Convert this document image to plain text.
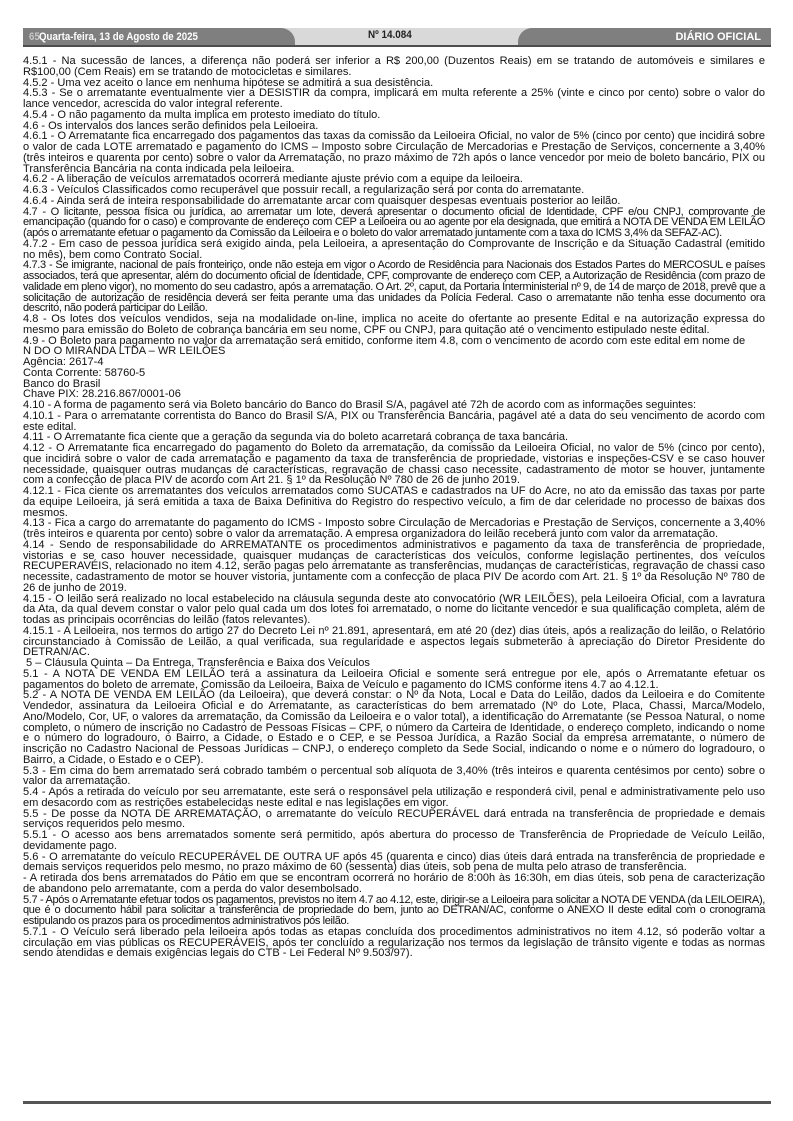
65 Quarta-feira, 13 de Agosto de 2025	Nº 14.084	DIÁRIO OFICIAL

4.5.1 - Na sucessão de lances, a diferença não poderá ser inferior a R$ 200,00 (Duzentos Reais) em se tratando de automóveis e similares e R$100,00 (Cem Reais) em se tratando de motocicletas e similares.

4.5.2 - Uma vez aceito o lance em nenhuma hipótese se admitirá a sua desistência.

4.5.3 - Se o arrematante eventualmente vier a DESISTIR da compra, implicará em multa referente a 25% (vinte e cinco por cento) sobre o valor do lance vencedor, acrescida do valor integral referente.

4.5.4 - O não pagamento da multa implica em protesto imediato do título.

4.6 - Os intervalos dos lances serão definidos pela Leiloeira.

4.6.1 - O Arrematante fica encarregado dos pagamentos das taxas da comissão da Leiloeira Oficial, no valor de 5% (cinco por cento) que incidirá sobre o valor de cada LOTE arrematado e pagamento do ICMS – Imposto sobre Circulação de Mercadorias e Prestação de Serviços, concernente a 3,40% (três inteiros e quarenta por cento) sobre o valor da Arrematação, no prazo máximo de 72h após o lance vencedor por meio de boleto bancário, PIX ou Transferência Bancária na conta indicada pela leiloeira.

4.6.2 - A liberação de veículos arrematados ocorrerá mediante ajuste prévio com a equipe da leiloeira.

4.6.3 - Veículos Classificados como recuperável que possuir recall, a regularização será por conta do arrematante.

4.6.4 - Ainda será de inteira responsabilidade do arrematante arcar com quaisquer despesas eventuais posterior ao leilão.

4.7 - O licitante, pessoa física ou jurídica, ao arrematar um lote, deverá apresentar o documento oficial de Identidade, CPF e/ou CNPJ, comprovante de emancipação (quando for o caso) e comprovante de endereço com CEP a Leiloeira ou ao agente por ela designada, que emitirá a NOTA DE VENDA EM LEILÃO (após o arrematante efetuar o pagamento da Comissão da Leiloeira e o boleto do valor arrematado juntamente com a taxa do ICMS 3,4% da SEFAZ-AC).

4.7.2 - Em caso de pessoa jurídica será exigido ainda, pela Leiloeira, a apresentação do Comprovante de Inscrição e da Situação Cadastral (emitido no mês), bem como Contrato Social.

4.7.3 - Se imigrante, nacional de país fronteiriço, onde não esteja em vigor o Acordo de Residência para Nacionais dos Estados Partes do MERCOSUL e países associados, terá que apresentar, além do documento oficial de Identidade, CPF, comprovante de endereço com CEP, a Autorização de Residência (com prazo de validade em pleno vigor), no momento do seu cadastro, após a arrematação. O Art. 2º, caput, da Portaria Interministerial nº 9, de 14 de março de 2018, prevê que a solicitação de autorização de residência deverá ser feita perante uma das unidades da Polícia Federal. Caso o arrematante não tenha esse documento ora descrito, não poderá participar do Leilão.

4.8 - Os lotes dos veículos vendidos, seja na modalidade on-line, implica no aceite do ofertante ao presente Edital e na autorização expressa do mesmo para emissão do Boleto de cobrança bancária em seu nome, CPF ou CNPJ, para quitação até o vencimento estipulado neste edital.

4.9 - O Boleto para pagamento no valor da arrematação será emitido, conforme item 4.8, com o vencimento de acordo com este edital em nome de

N DO O MIRANDA LTDA – WR LEILÕES

Agência: 2617-4

Conta Corrente: 58760-5

Banco do Brasil

Chave PIX: 28.216.867/0001-06

4.10 - A forma de pagamento será via Boleto bancário do Banco do Brasil S/A, pagável até 72h de acordo com as informações seguintes:

4.10.1 - Para o arrematante correntista do Banco do Brasil S/A, PIX ou Transferência Bancária, pagável até a data do seu vencimento de acordo com este edital.

4.11 - O Arrematante fica ciente que a geração da segunda via do boleto acarretará cobrança de taxa bancária.

4.12 - O Arrematante fica encarregado do pagamento do Boleto da arrematação, da comissão da Leiloeira Oficial, no valor de 5% (cinco por cento), que incidirá sobre o valor de cada arrematação e pagamento da taxa de transferência de propriedade, vistorias e inspeções-CSV e se caso houver necessidade, quaisquer outras mudanças de características, regravação de chassi caso necessite, cadastramento de motor se houver, juntamente com a confecção de placa PIV de acordo com Art 21. § 1º da Resolução Nº 780 de 26 de junho 2019.

4.12.1 - Fica ciente os arrematantes dos veículos arrematados como SUCATAS e cadastrados na UF do Acre, no ato da emissão das taxas por parte da equipe Leiloeira, já será emitida a taxa de Baixa Definitiva do Registro do respectivo veículo, a fim de dar celeridade no processo de baixas dos mesmos.

4.13 - Fica a cargo do arrematante do pagamento do ICMS - Imposto sobre Circulação de Mercadorias e Prestação de Serviços, concernente a 3,40% (três inteiros e quarenta por cento) sobre o valor da arrematação. A empresa organizadora do leilão receberá junto com valor da arrematação.

4.14 - Sendo de responsabilidade do ARREMATANTE os procedimentos administrativos e pagamento da taxa de transferência de propriedade, vistorias e se caso houver necessidade, quaisquer mudanças de características dos veículos, conforme legislação pertinentes, dos veículos RECUPERAVÉIS, relacionado no item 4.12, serão pagas pelo arrematante as transferências, mudanças de características, regravação de chassi caso necessite, cadastramento de motor se houver vistoria, juntamente com a confecção de placa PIV De acordo com Art. 21. § 1º da Resolução Nº 780 de 26 de junho de 2019.

4.15 - O leilão será realizado no local estabelecido na cláusula segunda deste ato convocatório (WR LEILÕES), pela Leiloeira Oficial, com a lavratura da Ata, da qual devem constar o valor pelo qual cada um dos lotes foi arrematado, o nome do licitante vencedor e sua qualificação completa, além de todas as principais ocorrências do leilão (fatos relevantes).

4.15.1 - A Leiloeira, nos termos do artigo 27 do Decreto Lei nº 21.891, apresentará, em até 20 (dez) dias úteis, após a realização do leilão, o Relatório circunstanciado à Comissão de Leilão, a qual verificada, sua regularidade e aspectos legais submeterão à apreciação do Diretor Presidente do DETRAN/AC.

5 – Cláusula Quinta – Da Entrega, Transferência e Baixa dos Veículos

5.1 - A NOTA DE VENDA EM LEILÃO terá a assinatura da Leiloeira Oficial e somente será entregue por ele, após o Arrematante efetuar os pagamentos do boleto de arremate, Comissão da Leiloeira, Baixa de Veículo e pagamento do ICMS conforme itens 4.7 ao 4.12.1.

5.2 - A NOTA DE VENDA EM LEILÃO (da Leiloeira), que deverá constar: o Nº da Nota, Local e Data do Leilão, dados da Leiloeira e do Comitente Vendedor, assinatura da Leiloeira Oficial e do Arrematante, as características do bem arrematado (Nº do Lote, Placa, Chassi, Marca/Modelo, Ano/Modelo, Cor, UF, o valores da arrematação, da Comissão da Leiloeira e o valor total), a identificação do Arrematante (se Pessoa Natural, o nome completo, o número de inscrição no Cadastro de Pessoas Físicas – CPF, o número da Carteira de Identidade, o endereço completo, indicando o nome e o número do logradouro, o Bairro, a Cidade, o Estado e o CEP, e se Pessoa Jurídica, a Razão Social da empresa arrematante, o número de inscrição no Cadastro Nacional de Pessoas Jurídicas – CNPJ, o endereço completo da Sede Social, indicando o nome e o número do logradouro, o Bairro, a Cidade, o Estado e o CEP).

5.3 - Em cima do bem arrematado será cobrado também o percentual sob alíquota de 3,40% (três inteiros e quarenta centésimos por cento) sobre o valor da arrematação.

5.4 - Após a retirada do veículo por seu arrematante, este será o responsável pela utilização e responderá civil, penal e administrativamente pelo uso em desacordo com as restrições estabelecidas neste edital e nas legislações em vigor.

5.5 - De posse da NOTA DE ARREMATAÇÃO, o arrematante do veículo RECUPERÁVEL dará entrada na transferência de propriedade e demais serviços requeridos pelo mesmo.

5.5.1 - O acesso aos bens arrematados somente será permitido, após abertura do processo de Transferência de Propriedade de Veículo Leilão, devidamente pago.

5.6 - O arrematante do veículo RECUPERÁVEL DE OUTRA UF após 45 (quarenta e cinco) dias úteis dará entrada na transferência de propriedade e demais serviços requeridos pelo mesmo, no prazo máximo de 60 (sessenta) dias úteis, sob pena de multa pelo atraso de transferência.

- A retirada dos bens arrematados do Pátio em que se encontram ocorrerá no horário de 8:00h às 16:30h, em dias úteis, sob pena de caracterização de abandono pelo arrematante, com a perda do valor desembolsado.

5.7 - Após o Arrematante efetuar todos os pagamentos, previstos no item 4.7 ao 4.12, este, dirigir-se a Leiloeira para solicitar a NOTA DE VENDA (da LEILOEIRA), que é o documento hábil para solicitar a transferência de propriedade do bem, junto ao DETRAN/AC, conforme o ANEXO II deste edital com o cronograma estipulando os prazos para os procedimentos administrativos pós leilão.

5.7.1 - O Veículo será liberado pela leiloeira após todas as etapas concluída dos procedimentos administrativos no item 4.12, só poderão voltar a circulação em vias públicas os RECUPERÁVEIS, após ter concluído a regularização nos termos da legislação de trânsito vigente e todas as normas sendo atendidas e demais exigências legais do CTB - Lei Federal Nº 9.503/97).
